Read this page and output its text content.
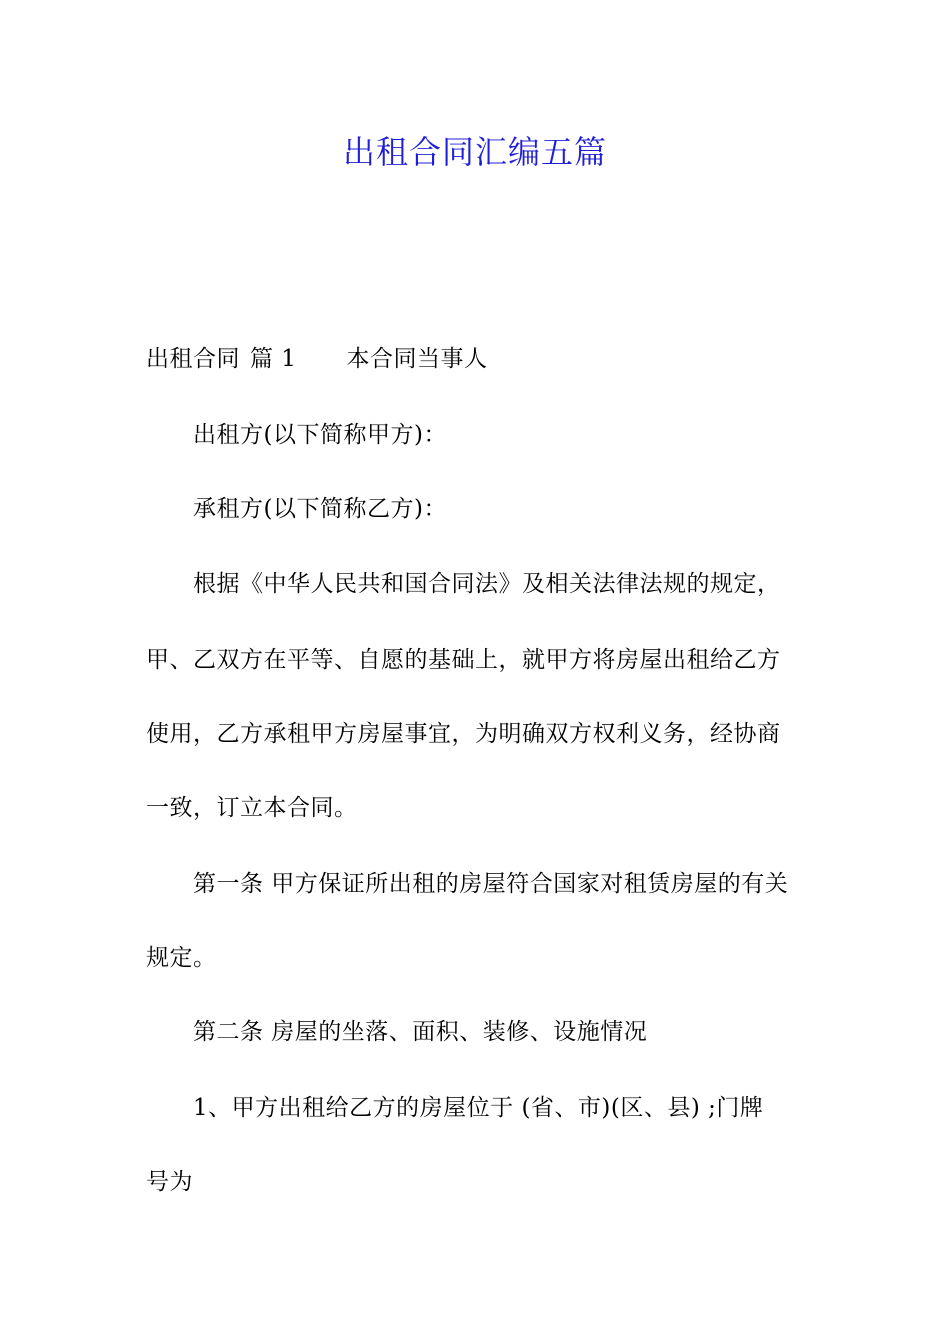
出租合同汇编五篇
出租合同 篇 1 本合同当事人
出租方(以下简称甲方)：
承租方(以下简称乙方)：
根据《中华人民共和国合同法》及相关法律法规的规定，
甲、乙双方在平等、自愿的基础上，就甲方将房屋出租给乙方
使用，乙方承租甲方房屋事宜，为明确双方权利义务，经协商
一致，订立本合同。
第一条 甲方保证所出租的房屋符合国家对租赁房屋的有关
规定。
第二条 房屋的坐落、面积、装修、设施情况
1、甲方出租给乙方的房屋位于 (省、市)(区、县) ;门牌
号为
